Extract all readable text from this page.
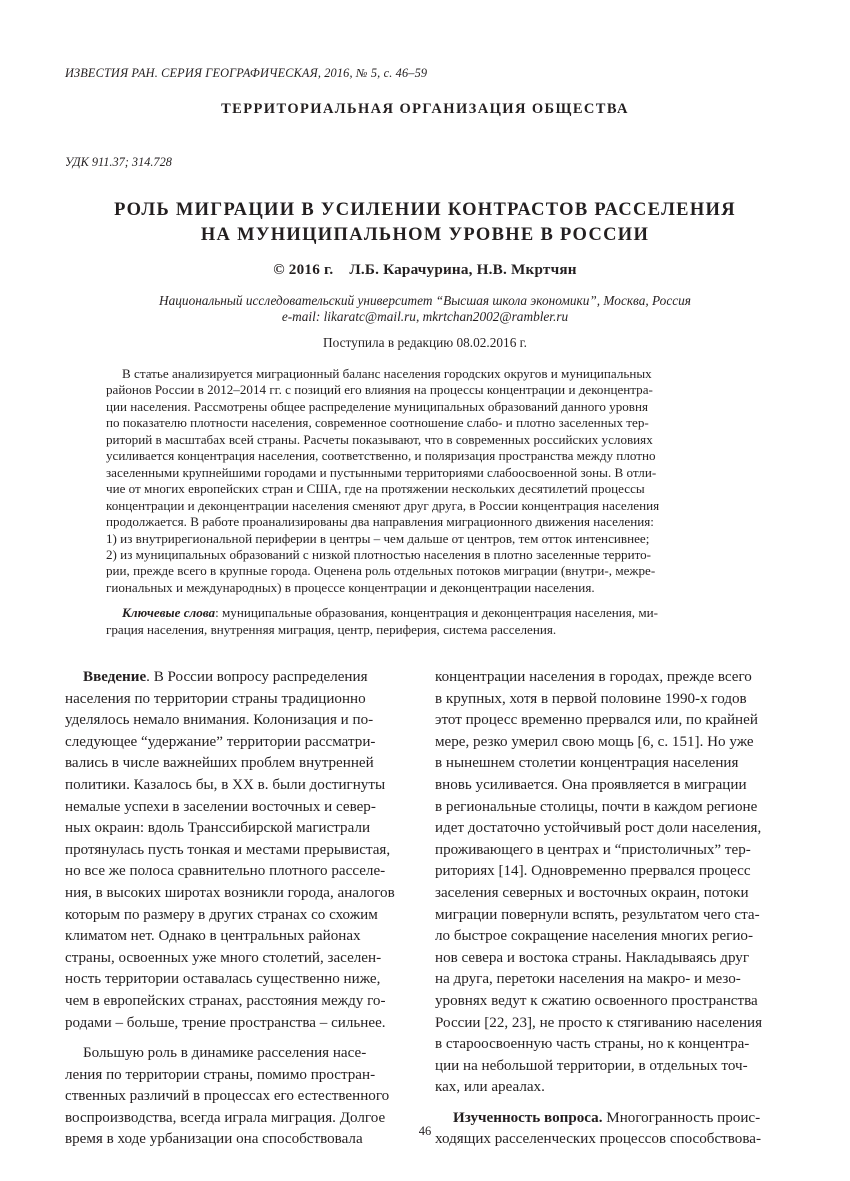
ИЗВЕСТИЯ РАН. СЕРИЯ ГЕОГРАФИЧЕСКАЯ, 2016, № 5, с. 46–59
ТЕРРИТОРИАЛЬНАЯ ОРГАНИЗАЦИЯ ОБЩЕСТВА
УДК 911.37; 314.728
РОЛЬ МИГРАЦИИ В УСИЛЕНИИ КОНТРАСТОВ РАССЕЛЕНИЯ
НА МУНИЦИПАЛЬНОМ УРОВНЕ В РОССИИ
© 2016 г. Л.Б. Карачурина, Н.В. Мкртчян
Национальный исследовательский университет “Высшая школа экономики”, Москва, Россия
e-mail: likaratc@mail.ru, mkrtchan2002@rambler.ru
Поступила в редакцию 08.02.2016 г.
В статье анализируется миграционный баланс населения городских округов и муниципальных
районов России в 2012–2014 гг. с позиций его влияния на процессы концентрации и деконцентра-
ции населения. Рассмотрены общее распределение муниципальных образований данного уровня
по показателю плотности населения, современное соотношение слабо- и плотно заселенных тер-
риторий в масштабах всей страны. Расчеты показывают, что в современных российских условиях
усиливается концентрация населения, соответственно, и поляризация пространства между плотно
заселенными крупнейшими городами и пустынными территориями слабоосвоенной зоны. В отли-
чие от многих европейских стран и США, где на протяжении нескольких десятилетий процессы
концентрации и деконцентрации населения сменяют друг друга, в России концентрация населения
продолжается. В работе проанализированы два направления миграционного движения населения:
1) из внутрирегиональной периферии в центры – чем дальше от центров, тем отток интенсивнее;
2) из муниципальных образований с низкой плотностью населения в плотно заселенные террито-
рии, прежде всего в крупные города. Оценена роль отдельных потоков миграции (внутри-, межре-
гиональных и международных) в процессе концентрации и деконцентрации населения.
Ключевые слова: муниципальные образования, концентрация и деконцентрация населения, ми-
грация населения, внутренняя миграция, центр, периферия, система расселения.
Введение. В России вопросу распределения
населения по территории страны традиционно
уделялось немало внимания. Колонизация и по-
следующее “удержание” территории рассматри-
вались в числе важнейших проблем внутренней
политики. Казалось бы, в XX в. были достигнуты
немалые успехи в заселении восточных и север-
ных окраин: вдоль Транссибирской магистрали
протянулась пусть тонкая и местами прерывистая,
но все же полоса сравнительно плотного расселе-
ния, в высоких широтах возникли города, аналогов
которым по размеру в других странах со схожим
климатом нет. Однако в центральных районах
страны, освоенных уже много столетий, заселен-
ность территории оставалась существенно ниже,
чем в европейских странах, расстояния между го-
родами – больше, трение пространства – сильнее.
Большую роль в динамике расселения насе-
ления по территории страны, помимо простран-
ственных различий в процессах его естественного
воспроизводства, всегда играла миграция. Долгое
время в ходе урбанизации она способствовала
концентрации населения в городах, прежде всего
в крупных, хотя в первой половине 1990-х годов
этот процесс временно прервался или, по крайней
мере, резко умерил свою мощь [6, с. 151]. Но уже
в нынешнем столетии концентрация населения
вновь усиливается. Она проявляется в миграции
в региональные столицы, почти в каждом регионе
идет достаточно устойчивый рост доли населения,
проживающего в центрах и “пристоличных” тер-
риториях [14]. Одновременно прервался процесс
заселения северных и восточных окраин, потоки
миграции повернули вспять, результатом чего ста-
ло быстрое сокращение населения многих регио-
нов севера и востока страны. Накладываясь друг
на друга, перетоки населения на макро- и мезо-
уровнях ведут к сжатию освоенного пространства
России [22, 23], не просто к стягиванию населения
в староосвоенную часть страны, но к концентра-
ции на небольшой территории, в отдельных точ-
ках, или ареалах.
Изученность вопроса. Многогранность проис-
ходящих расселенческих процессов способствова-
46
